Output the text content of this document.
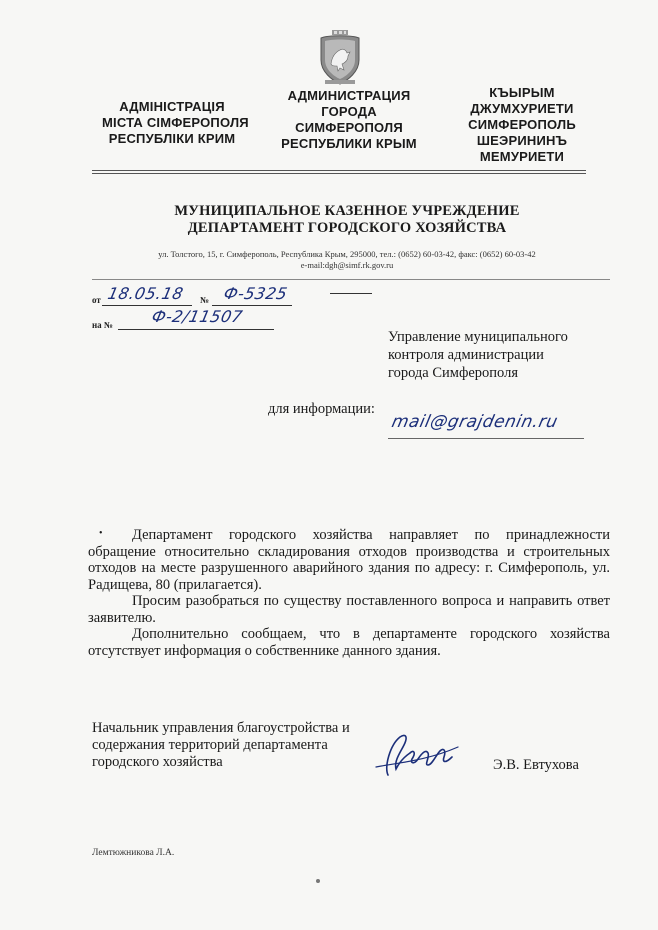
АДМІНІСТРАЦІЯ
МІСТА СІМФЕРОПОЛЯ
РЕСПУБЛІКИ КРИМ
АДМИНИСТРАЦИЯ
ГОРОДА
СИМФЕРОПОЛЯ
РЕСПУБЛИКИ КРЫМ
КЪЫРЫМ
ДЖУМХУРИЕТИ
СИМФЕРОПОЛЬ
ШЕЭРИНИНЪ
МЕМУРИЕТИ
МУНИЦИПАЛЬНОЕ КАЗЕННОЕ УЧРЕЖДЕНИЕ
ДЕПАРТАМЕНТ ГОРОДСКОГО ХОЗЯЙСТВА
ул. Толстого, 15, г. Симферополь, Республика Крым, 295000, тел.: (0652) 60-03-42, факс: (0652) 60-03-42
e-mail:dgh@simf.rk.gov.ru
от 18.05.18 № Ф-5325
на № Ф-2/11507
Управление муниципального
контроля администрации
города Симферополя
для информации:
mail@grajdenin.ru
•	Департамент городского хозяйства направляет по принадлежности обращение относительно складирования отходов производства и строительных отходов на месте разрушенного аварийного здания по адресу: г. Симферополь, ул. Радищева, 80 (прилагается).

Просим разобраться по существу поставленного вопроса и направить ответ заявителю.

Дополнительно сообщаем, что в департаменте городского хозяйства отсутствует информация о собственнике данного здания.

Начальник управления благоустройства и
содержания территорий департамента
городского хозяйства	Э.В. Евтухова
Лемтюжникова Л.А.
